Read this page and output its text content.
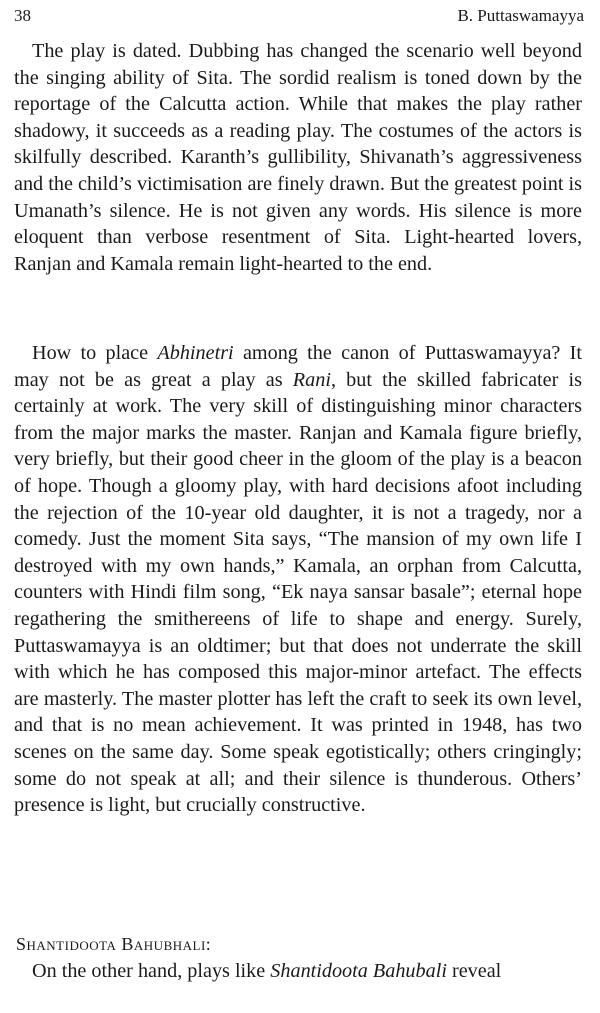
38	B. Puttaswamayya

The play is dated. Dubbing has changed the scenario well beyond the singing ability of Sita. The sordid realism is toned down by the reportage of the Calcutta action. While that makes the play rather shadowy, it succeeds as a reading play. The costumes of the actors is skilfully described. Karanth’s gullibility, Shivanath’s aggressiveness and the child’s victimisation are finely drawn. But the greatest point is Umanath’s silence. He is not given any words. His silence is more eloquent than verbose resentment of Sita. Light-hearted lovers, Ranjan and Kamala remain light-hearted to the end.

How to place Abhinetri among the canon of Puttaswamayya? It may not be as great a play as Rani, but the skilled fabricater is certainly at work. The very skill of distinguishing minor characters from the major marks the master. Ranjan and Kamala figure briefly, very briefly, but their good cheer in the gloom of the play is a beacon of hope. Though a gloomy play, with hard decisions afoot including the rejection of the 10-year old daughter, it is not a tragedy, nor a comedy. Just the moment Sita says, “The mansion of my own life I destroyed with my own hands,” Kamala, an orphan from Calcutta, counters with Hindi film song, “Ek naya sansar basale”; eternal hope regathering the smithereens of life to shape and energy. Surely, Puttaswamayya is an oldtimer; but that does not underrate the skill with which he has composed this major-minor artefact. The effects are masterly. The master plotter has left the craft to seek its own level, and that is no mean achievement. It was printed in 1948, has two scenes on the same day. Some speak egotistically; others cringingly; some do not speak at all; and their silence is thunderous. Others’ presence is light, but crucially constructive.

Shantidoota Bahubhali:

On the other hand, plays like Shantidoota Bahubali reveal
